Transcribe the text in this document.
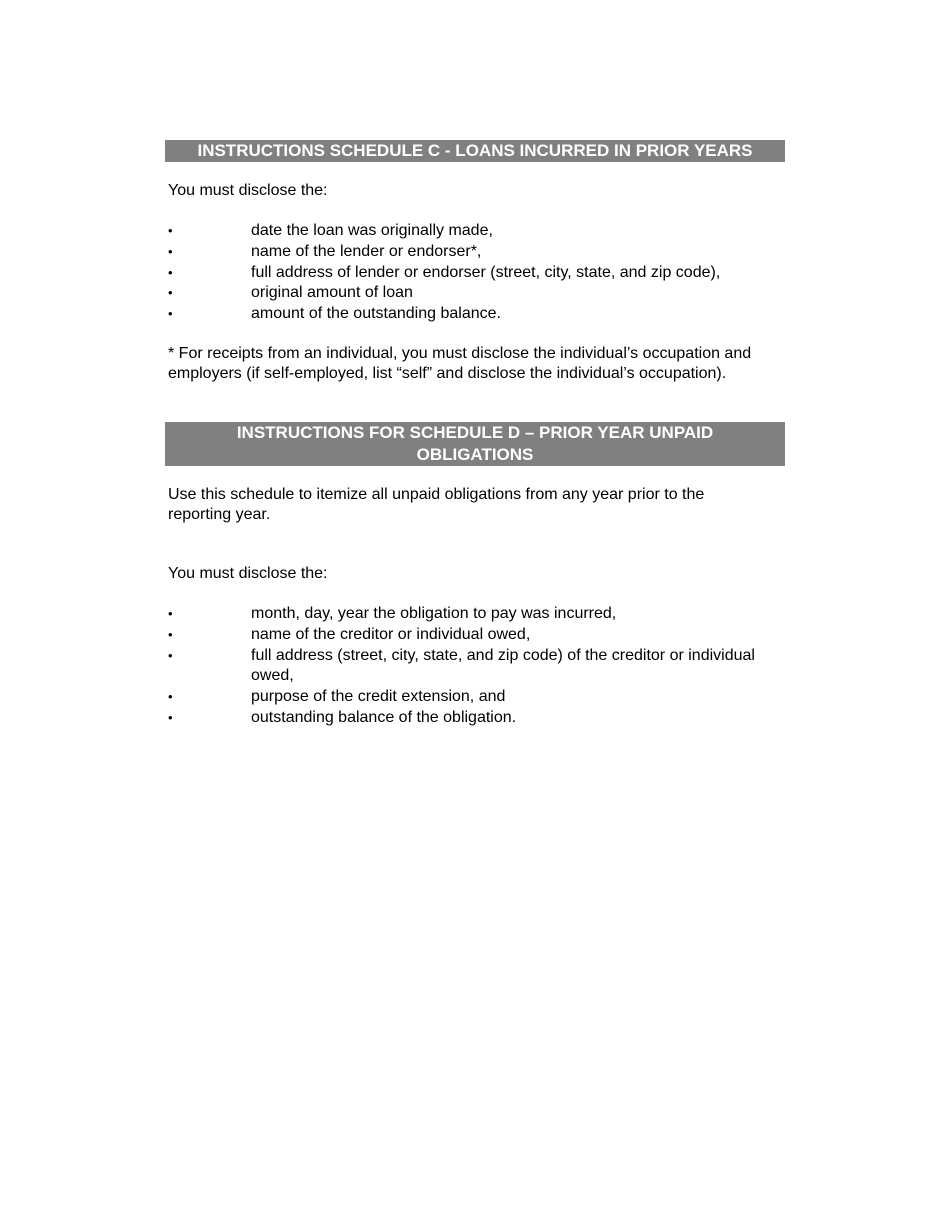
INSTRUCTIONS SCHEDULE C - LOANS INCURRED IN PRIOR YEARS
You must disclose the:
•	date the loan was originally made,
•	name of the lender or endorser*,
•	full address of lender or endorser (street, city, state, and zip code),
•	original amount of loan
•	amount of the outstanding balance.
* For receipts from an individual, you must disclose the individual’s occupation and employers (if self-employed, list “self” and disclose the individual’s occupation).
INSTRUCTIONS FOR SCHEDULE D – PRIOR YEAR UNPAID OBLIGATIONS
Use this schedule to itemize all unpaid obligations from any year prior to the reporting year.
You must disclose the:
•	month, day, year the obligation to pay was incurred,
•	name of the creditor or individual owed,
•	full address (street, city, state, and zip code) of the creditor or individual owed,
•	purpose of the credit extension, and
•	outstanding balance of the obligation.
